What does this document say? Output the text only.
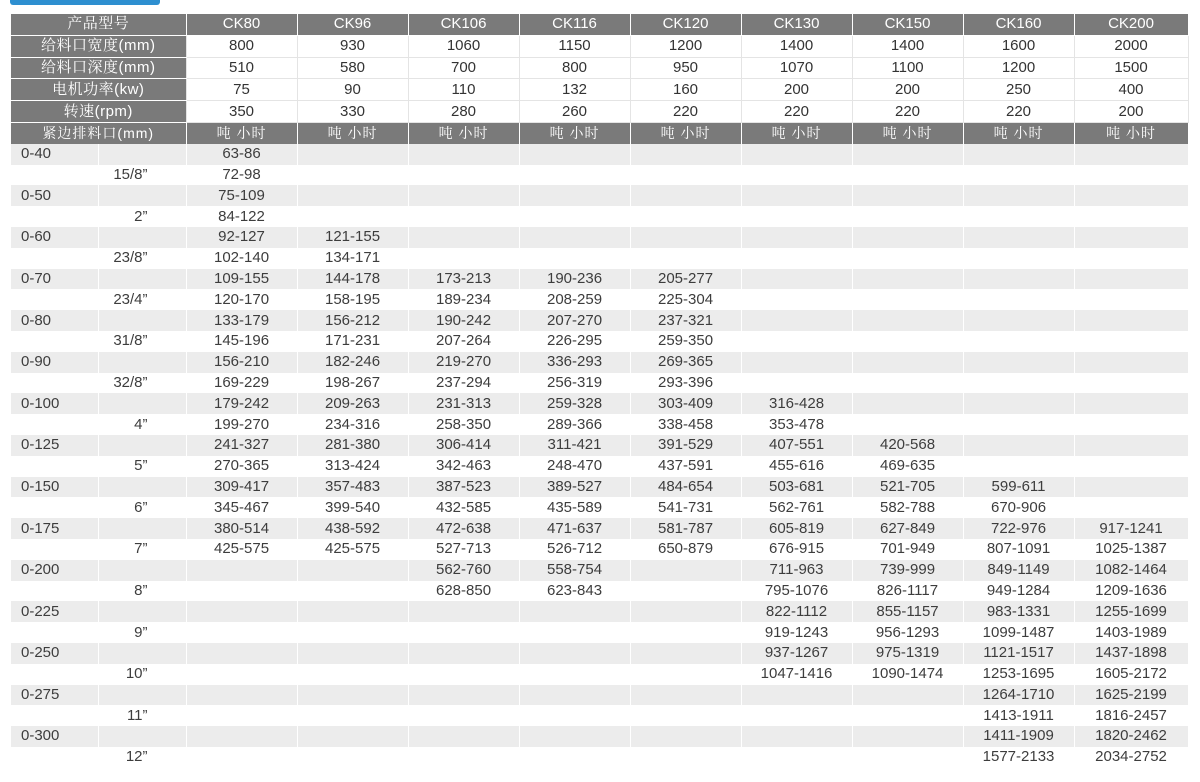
产品型号		CK80	CK96	CK106	CK116	CK120	CK130	CK150	CK160	CK200
给料口宽度(mm)		800	930	1060	1150	1200	1400	1400	1600	2000
给料口深度(mm)		510	580	700	800	950	1070	1100	1200	1500
电机功率(kw)		75	90	110	132	160	200	200	250	400
转速(rpm)		350	330	280	260	220	220	220	220	200
紧边排料口(mm)		吨 小时	吨 小时	吨 小时	吨 小时	吨 小时	吨 小时	吨 小时	吨 小时	吨 小时
0-40		63-86								
	15/8”	72-98								
0-50		75-109								
	2”	84-122								
0-60		92-127	121-155							
	23/8”	102-140	134-171							
0-70		109-155	144-178	173-213	190-236	205-277				
	23/4”	120-170	158-195	189-234	208-259	225-304				
0-80		133-179	156-212	190-242	207-270	237-321				
	31/8”	145-196	171-231	207-264	226-295	259-350				
0-90		156-210	182-246	219-270	336-293	269-365				
	32/8”	169-229	198-267	237-294	256-319	293-396				
0-100		179-242	209-263	231-313	259-328	303-409	316-428			
	4”	199-270	234-316	258-350	289-366	338-458	353-478			
0-125		241-327	281-380	306-414	311-421	391-529	407-551	420-568		
	5”	270-365	313-424	342-463	248-470	437-591	455-616	469-635		
0-150		309-417	357-483	387-523	389-527	484-654	503-681	521-705	599-611	
	6”	345-467	399-540	432-585	435-589	541-731	562-761	582-788	670-906	
0-175		380-514	438-592	472-638	471-637	581-787	605-819	627-849	722-976	917-1241
	7”	425-575	425-575	527-713	526-712	650-879	676-915	701-949	807-1091	1025-1387
0-200				562-760	558-754		711-963	739-999	849-1149	1082-1464
	8”			628-850	623-843		795-1076	826-1117	949-1284	1209-1636
0-225							822-1112	855-1157	983-1331	1255-1699
	9”						919-1243	956-1293	1099-1487	1403-1989
0-250							937-1267	975-1319	1121-1517	1437-1898
	10”						1047-1416	1090-1474	1253-1695	1605-2172
0-275									1264-1710	1625-2199
	11”								1413-1911	1816-2457
0-300									1411-1909	1820-2462
	12”								1577-2133	2034-2752
